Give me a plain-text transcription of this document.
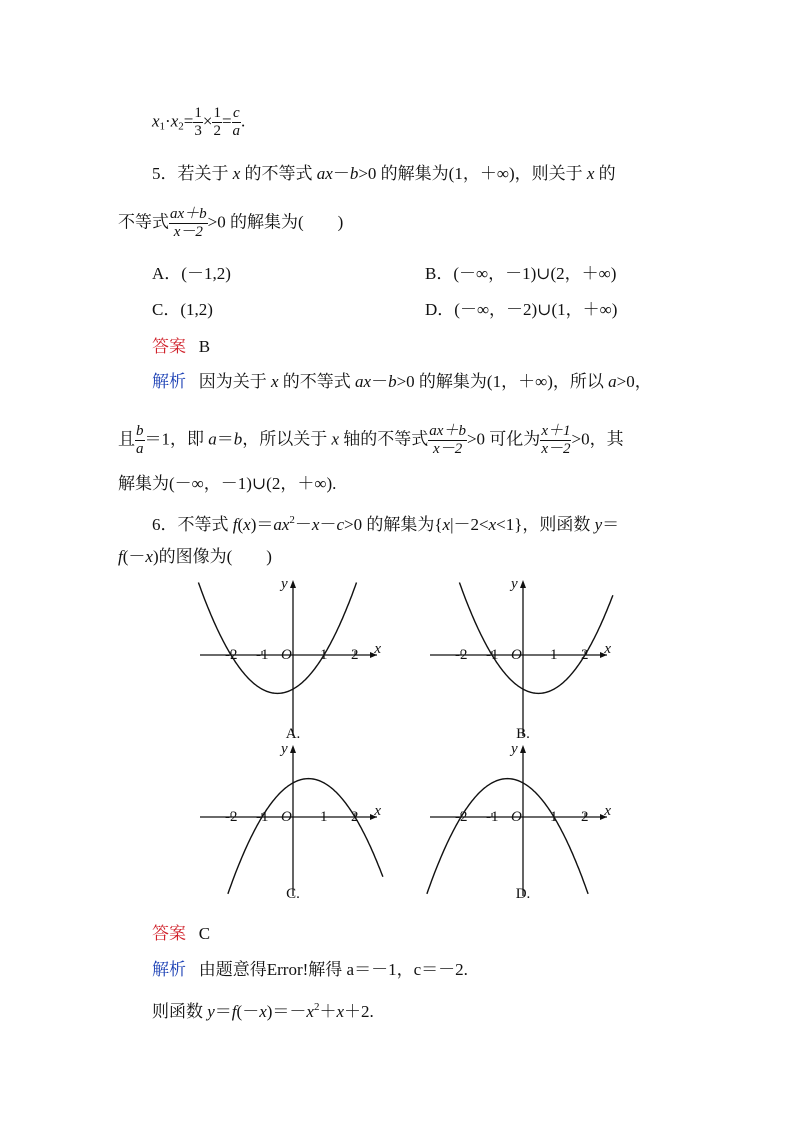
$x_1\cdot x_2= \frac{1}{3} \times \frac{1}{2} = \frac{c}{a}$ .
5．若关于 x 的不等式 ax－b>0 的解集为(1，＋∞)，则关于 x 的
不等式 $\frac{ax+b}{x-2} >0$ 的解集为(　　)
A．(－1,2)	B．(－∞，－1)∪(2，＋∞)
C．(1,2)	D．(－∞，－2)∪(1，＋∞)
答案 B
解析 因为关于 x 的不等式 ax－b>0 的解集为(1，＋∞)，所以 a>0，
且 $\frac{b}{a} =1$，即 a＝b，所以关于 x 轴的不等式 $\frac{ax+b}{x-2} >0$ 可化为 $\frac{x+1}{x-2} >0$，其
解集为(－∞，－1)∪(2，＋∞).
6．不等式 $f(x)=ax^2-x-c>0$ 的解集为{x|－2<x<1}，则函数 y＝
f(－x)的图像为(　　)
x
y
-2 -1 O 1 2
A.
x
y
-2 -1 O 1 2
B.
x
y
-2 -1 O 1 2
C.
x
y
-2 -1 O 1 2
D.
答案 C
解析 由题意得Error!解得 a＝－1，c＝－2.
则函数 $y=f(-x)=-x^2+x+2$.
